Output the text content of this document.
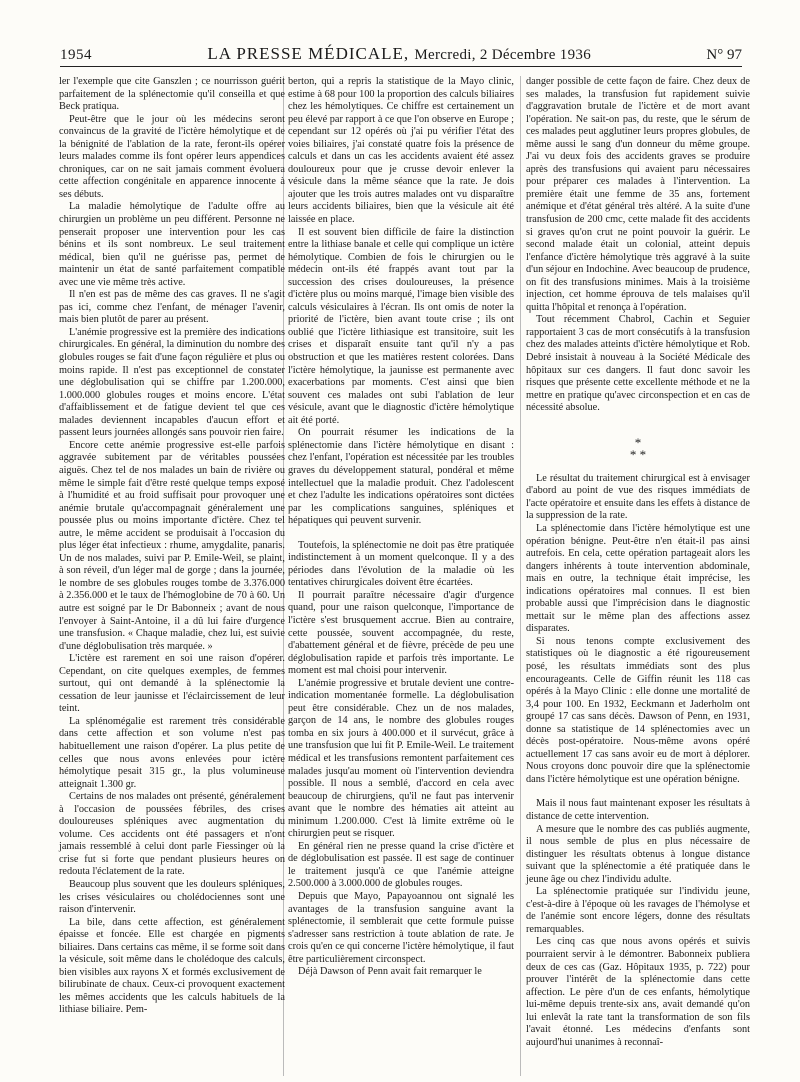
1954	LA PRESSE MÉDICALE, Mercredi, 2 Décembre 1936	N° 97

ler l'exemple que cite Ganszlen ; ce nourrisson guérit parfaitement de la splénectomie qu'il conseilla et que Beck pratiqua.

Peut-être que le jour où les médecins seront convaincus de la gravité de l'ictère hémolytique et de la bénignité de l'ablation de la rate, feront-ils opérer leurs malades comme ils font opérer leurs appendices chroniques, car on ne sait jamais comment évoluera cette affection congénitale en apparence innocente à ses débuts.

La maladie hémolytique de l'adulte offre au chirurgien un problème un peu différent. Personne ne penserait proposer une intervention pour les cas bénins et ils sont nombreux. Le seul traitement médical, bien qu'il ne guérisse pas, permet de maintenir un état de santé parfaitement compatible avec une vie même très active.

Il n'en est pas de même des cas graves. Il ne s'agit pas ici, comme chez l'enfant, de ménager l'avenir, mais bien plutôt de parer au présent.

L'anémie progressive est la première des indications chirurgicales. En général, la diminution du nombre des globules rouges se fait d'une façon régulière et plus ou moins rapide. Il n'est pas exceptionnel de constater une déglobulisation qui se chiffre par 1.200.000, 1.000.000 globules rouges et moins encore. L'état d'affaiblissement et de fatigue devient tel que ces malades deviennent incapables d'aucun effort et passent leurs journées allongés sans pouvoir rien faire.

Encore cette anémie progressive est-elle parfois aggravée subitement par de véritables poussées aiguës. Chez tel de nos malades un bain de rivière ou même le simple fait d'être resté quelque temps exposé à l'humidité et au froid suffisait pour provoquer une anémie brutale qu'accompagnait généralement une poussée plus ou moins importante d'ictère. Chez tel autre, le même accident se produisait à l'occasion du plus léger état infectieux : rhume, amygdalite, panaris. Un de nos malades, suivi par P. Emile-Weil, se plaint, à son réveil, d'un léger mal de gorge ; dans la journée, le nombre de ses globules rouges tombe de 3.376.000 à 2.356.000 et le taux de l'hémoglobine de 70 à 60. Un autre est soigné par le Dr Babonneix ; avant de nous l'envoyer à Saint-Antoine, il a dû lui faire d'urgence une transfusion. « Chaque maladie, chez lui, est suivie d'une déglobulisation très marquée. »

L'ictère est rarement en soi une raison d'opérer. Cependant, on cite quelques exemples, de femmes surtout, qui ont demandé à la splénectomie la cessation de leur jaunisse et l'éclaircissement de leur teint.

La splénomégalie est rarement très considérable dans cette affection et son volume n'est pas habituellement une raison d'opérer. La plus petite de celles que nous avons enlevées pour ictère hémolytique pesait 315 gr., la plus volumineuse atteignait 1.300 gr.

Certains de nos malades ont présenté, généralement à l'occasion de poussées fébriles, des crises douloureuses spléniques avec augmentation du volume. Ces accidents ont été passagers et n'ont jamais ressemblé à celui dont parle Fiessinger où la crise fut si forte que pendant plusieurs heures on redouta l'éclatement de la rate.

Beaucoup plus souvent que les douleurs spléniques, les crises vésiculaires ou cholédociennes sont une raison d'intervenir.

La bile, dans cette affection, est généralement épaisse et foncée. Elle est chargée en pigments biliaires. Dans certains cas même, il se forme soit dans la vésicule, soit même dans le cholédoque des calculs, bien visibles aux rayons X et formés exclusivement de bilirubinate de chaux. Ceux-ci provoquent exactement les mêmes accidents que les calculs habituels de la lithiase biliaire. Pem-

berton, qui a repris la statistique de la Mayo clinic, estime à 68 pour 100 la proportion des calculs biliaires chez les hémolytiques. Ce chiffre est certainement un peu élevé par rapport à ce que l'on observe en Europe ; cependant sur 12 opérés où j'ai pu vérifier l'état des voies biliaires, j'ai constaté quatre fois la présence de calculs et dans un cas les accidents avaient été assez douloureux pour que je crusse devoir enlever la vésicule dans la même séance que la rate. Je dois ajouter que les trois autres malades ont vu disparaître leurs accidents biliaires, bien que la vésicule ait été laissée en place.

Il est souvent bien difficile de faire la distinction entre la lithiase banale et celle qui complique un ictère hémolytique. Combien de fois le chirurgien ou le médecin ont-ils été frappés avant tout par la succession des crises douloureuses, la présence d'ictère plus ou moins marqué, l'image bien visible des calculs vésiculaires à l'écran. Ils ont omis de noter la priorité de l'ictère, bien avant toute crise ; ils ont oublié que l'ictère lithiasique est transitoire, suit les crises et disparaît ensuite tant qu'il n'y a pas obstruction et que les matières restent colorées. Dans l'ictère hémolytique, la jaunisse est permanente avec exacerbations par moments. C'est ainsi que bien souvent ces malades ont subi l'ablation de leur vésicule, avant que le diagnostic d'ictère hémolytique ait été porté.

On pourrait résumer les indications de la splénectomie dans l'ictère hémolytique en disant : chez l'enfant, l'opération est nécessitée par les troubles graves du développement statural, pondéral et même intellectuel que la maladie produit. Chez l'adolescent et chez l'adulte les indications opératoires sont dictées par les complications sanguines, spléniques et hépatiques qui peuvent survenir.

Toutefois, la splénectomie ne doit pas être pratiquée indistinctement à un moment quelconque. Il y a des périodes dans l'évolution de la maladie où les tentatives chirurgicales doivent être écartées.

Il pourrait paraître nécessaire d'agir d'urgence quand, pour une raison quelconque, l'importance de l'ictère s'est brusquement accrue. Bien au contraire, cette poussée, souvent accompagnée, du reste, d'abattement général et de fièvre, précède de peu une déglobulisation rapide et parfois très importante. Le moment est mal choisi pour intervenir.

L'anémie progressive et brutale devient une contre-indication momentanée formelle. La déglobulisation peut être considérable. Chez un de nos malades, garçon de 14 ans, le nombre des globules rouges tomba en six jours à 400.000 et il survécut, grâce à une transfusion que lui fit P. Emile-Weil. Le traitement médical et les transfusions remontent parfaitement ces malades jusqu'au moment où l'intervention deviendra possible. Il nous a semblé, d'accord en cela avec beaucoup de chirurgiens, qu'il ne faut pas intervenir avant que le nombre des hématies ait atteint au minimum 1.200.000. C'est là limite extrême où le chirurgien peut se risquer.

En général rien ne presse quand la crise d'ictère et de déglobulisation est passée. Il est sage de continuer le traitement jusqu'à ce que l'anémie atteigne 2.500.000 à 3.000.000 de globules rouges.

Depuis que Mayo, Papayoannou ont signalé les avantages de la transfusion sanguine avant la splénectomie, il semblerait que cette formule puisse s'adresser sans restriction à toute ablation de rate. Je crois qu'en ce qui concerne l'ictère hémolytique, il faut être particulièrement circonspect.

Déjà Dawson of Penn avait fait remarquer le

danger possible de cette façon de faire. Chez deux de ses malades, la transfusion fut rapidement suivie d'aggravation brutale de l'ictère et de mort avant l'opération. Ne sait-on pas, du reste, que le sérum de ces malades peut agglutiner leurs propres globules, de même aussi le sang d'un donneur du même groupe. J'ai vu deux fois des accidents graves se produire après des transfusions qui avaient paru nécessaires pour préparer ces malades à l'intervention. La première était une femme de 35 ans, fortement anémique et d'état général très altéré. A la suite d'une transfusion de 200 cmc, cette malade fit des accidents si graves qu'on crut ne point pouvoir la guérir. Le second malade était un colonial, atteint depuis l'enfance d'ictère hémolytique très aggravé à la suite d'un séjour en Indochine. Avec beaucoup de prudence, on fit des transfusions minimes. Mais à la troisième injection, cet homme éprouva de tels malaises qu'il quitta l'hôpital et renonça à l'opération.

Tout récemment Chabrol, Cachin et Seguier rapportaient 3 cas de mort consécutifs à la transfusion chez des malades atteints d'ictère hémolytique et Rob. Debré insistait à nouveau à la Société Médicale des hôpitaux sur ces dangers. Il faut donc savoir les risques que présente cette excellente méthode et ne la mettre en pratique qu'avec circonspection et en cas de nécessité absolue.

*
* *

Le résultat du traitement chirurgical est à envisager d'abord au point de vue des risques immédiats de l'acte opératoire et ensuite dans les effets à distance de la suppression de la rate.

La splénectomie dans l'ictère hémolytique est une opération bénigne. Peut-être n'en était-il pas ainsi autrefois. En cela, cette opération partageait alors les dangers inhérents à toute intervention abdominale, mais en outre, la technique était imprécise, les indications opératoires mal connues. Il est bien probable aussi que l'imprécision dans le diagnostic mettait sur le même plan des affections assez disparates.

Si nous tenons compte exclusivement des statistiques où le diagnostic a été rigoureusement posé, les résultats immédiats sont des plus encourageants. Celle de Giffin réunit les 118 cas opérés à la Mayo Clinic : elle donne une mortalité de 3,4 pour 100. En 1932, Eeckmann et Jaderholm ont groupé 17 cas sans décès. Dawson of Penn, en 1931, donne sa statistique de 14 splénectomies avec un décès post-opératoire. Nous-même avons opéré actuellement 17 cas sans avoir eu de mort à déplorer. Nous croyons donc pouvoir dire que la splénectomie dans l'ictère hémolytique est une opération bénigne.

Mais il nous faut maintenant exposer les résultats à distance de cette intervention.

A mesure que le nombre des cas publiés augmente, il nous semble de plus en plus nécessaire de distinguer les résultats obtenus à longue distance suivant que la splénectomie a été pratiquée dans le jeune âge ou chez l'individu adulte.

La splénectomie pratiquée sur l'individu jeune, c'est-à-dire à l'époque où les ravages de l'hémolyse et de l'anémie sont encore légers, donne des résultats remarquables.

Les cinq cas que nous avons opérés et suivis pourraient servir à le démontrer. Babonneix publiera deux de ces cas (Gaz. Hôpitaux 1935, p. 722) pour prouver l'intérêt de la splénectomie dans cette affection. Le père d'un de ces enfants, hémolytique lui-même depuis trente-six ans, avait demandé qu'on lui enlevât la rate tant la transformation de son fils l'avait étonné. Les médecins d'enfants sont aujourd'hui unanimes à reconnaî-
